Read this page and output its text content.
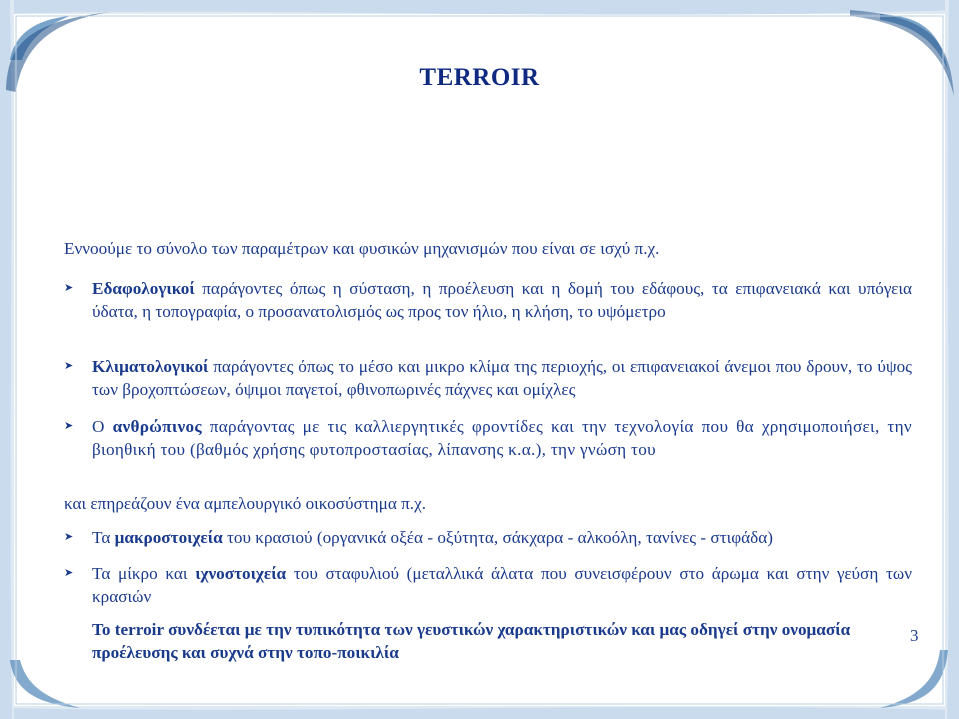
TERROIR
Εννοούμε το σύνολο των παραμέτρων και φυσικών μηχανισμών που είναι σε ισχύ π.χ.
➤ Εδαφολογικοί παράγοντες όπως η σύσταση, η προέλευση και η δομή του εδάφους, τα επιφανειακά και υπόγεια ύδατα, η τοπογραφία, ο προσανατολισμός ως προς τον ήλιο, η κλήση, το υψόμετρο
➤ Κλιματολογικοί παράγοντες όπως το μέσο και μικρο κλίμα της περιοχής, οι επιφανειακοί άνεμοι που δρουν, το ύψος των βροχοπτώσεων, όψιμοι παγετοί, φθινοπωρινές πάχνες και ομίχλες
➤ Ο ανθρώπινος παράγοντας με τις καλλιεργητικές φροντίδες και την τεχνολογία που θα χρησιμοποιήσει, την βιοηθική του (βαθμός χρήσης φυτοπροστασίας, λίπανσης κ.α.), την γνώση του
και επηρεάζουν ένα αμπελουργικό οικοσύστημα π.χ.
➤ Τα μακροστοιχεία του κρασιού (οργανικά οξέα - οξύτητα, σάκχαρα - αλκοόλη, τανίνες - στιφάδα)
➤ Τα μίκρο και ιχνοστοιχεία του σταφυλιού (μεταλλικά άλατα που συνεισφέρουν στο άρωμα και στην γεύση των κρασιών
Το terroir συνδέεται με την τυπικότητα των γευστικών χαρακτηριστικών και μας οδηγεί στην ονομασία προέλευσης και συχνά στην τοπο-ποικιλία
3
